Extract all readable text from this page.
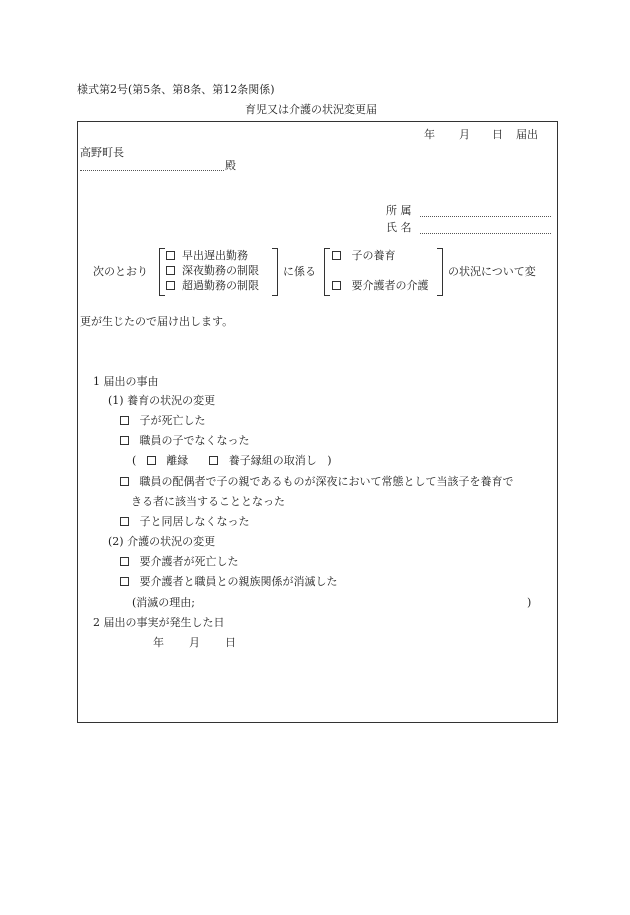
様式第2号(第5条、第8条、第12条関係)
育児又は介護の状況変更届
年 月 日 届出
高野町長
殿
所 属
氏 名
次のとおり
早出遅出勤務
深夜勤務の制限
超過勤務の制限
に係る
子の養育
要介護者の介護
の状況について変
更が生じたので届け出します。
1 届出の事由
(1) 養育の状況の変更
子が死亡した
職員の子でなくなった
(	離縁	養子縁組の取消し )
職員の配偶者で子の親であるものが深夜において常態として当該子を養育で
きる者に該当することとなった
子と同居しなくなった
(2) 介護の状況の変更
要介護者が死亡した
要介護者と職員との親族関係が消滅した
(消滅の理由;	)
2 届出の事実が発生した日
年 月 日
